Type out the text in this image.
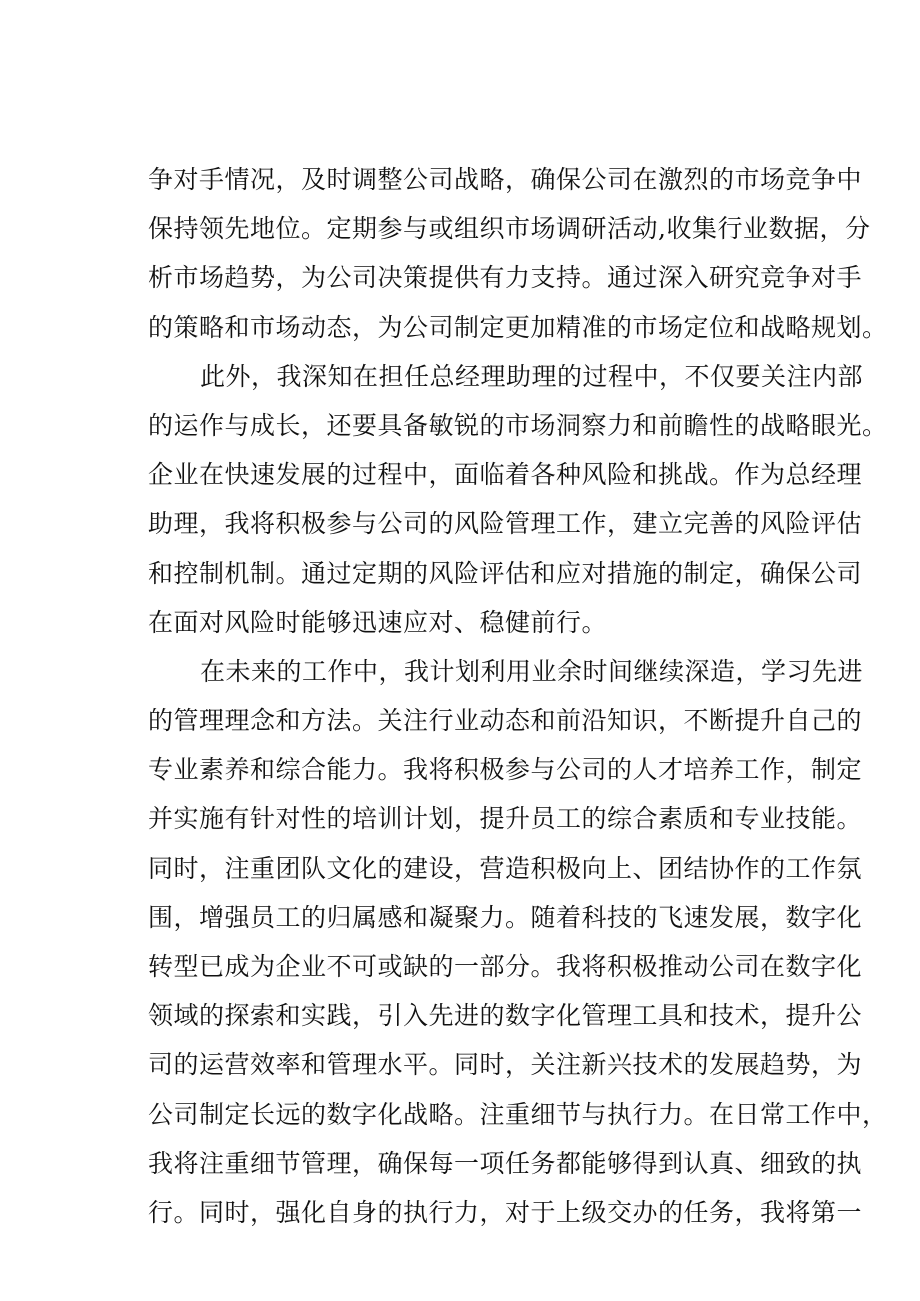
争对手情况，及时调整公司战略，确保公司在激烈的市场竞争中
保持领先地位。定期参与或组织市场调研活动,收集行业数据，分
析市场趋势，为公司决策提供有力支持。通过深入研究竞争对手
的策略和市场动态，为公司制定更加精准的市场定位和战略规划。
此外，我深知在担任总经理助理的过程中，不仅要关注内部
的运作与成长，还要具备敏锐的市场洞察力和前瞻性的战略眼光。
企业在快速发展的过程中，面临着各种风险和挑战。作为总经理
助理，我将积极参与公司的风险管理工作，建立完善的风险评估
和控制机制。通过定期的风险评估和应对措施的制定，确保公司
在面对风险时能够迅速应对、稳健前行。
在未来的工作中，我计划利用业余时间继续深造，学习先进
的管理理念和方法。关注行业动态和前沿知识，不断提升自己的
专业素养和综合能力。我将积极参与公司的人才培养工作，制定
并实施有针对性的培训计划，提升员工的综合素质和专业技能。
同时，注重团队文化的建设，营造积极向上、团结协作的工作氛
围，增强员工的归属感和凝聚力。随着科技的飞速发展，数字化
转型已成为企业不可或缺的一部分。我将积极推动公司在数字化
领域的探索和实践，引入先进的数字化管理工具和技术，提升公
司的运营效率和管理水平。同时，关注新兴技术的发展趋势，为
公司制定长远的数字化战略。注重细节与执行力。在日常工作中，
我将注重细节管理，确保每一项任务都能够得到认真、细致的执
行。同时，强化自身的执行力，对于上级交办的任务，我将第一
